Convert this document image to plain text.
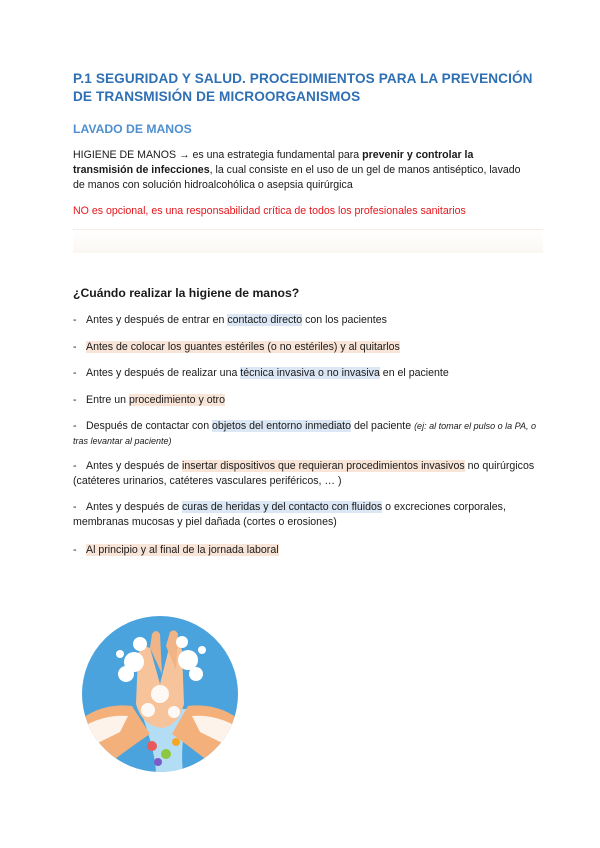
P.1 SEGURIDAD Y SALUD. PROCEDIMIENTOS PARA LA PREVENCIÓN DE TRANSMISIÓN DE MICROORGANISMOS
LAVADO DE MANOS
HIGIENE DE MANOS → es una estrategia fundamental para prevenir y controlar la transmisión de infecciones, la cual consiste en el uso de un gel de manos antiséptico, lavado de manos con solución hidroalcohólica o asepsia quirúrgica
NO es opcional, es una responsabilidad crítica de todos los profesionales sanitarios
¿Cuándo realizar la higiene de manos?
- Antes y después de entrar en contacto directo con los pacientes
- Antes de colocar los guantes estériles (o no estériles) y al quitarlos
- Antes y después de realizar una técnica invasiva o no invasiva en el paciente
- Entre un procedimiento y otro
- Después de contactar con objetos del entorno inmediato del paciente (ej: al tomar el pulso o la PA, o tras levantar al paciente)
- Antes y después de insertar dispositivos que requieran procedimientos invasivos no quirúrgicos (catéteres urinarios, catéteres vasculares periféricos, … )
- Antes y después de curas de heridas y del contacto con fluidos o excreciones corporales, membranas mucosas y piel dañada (cortes o erosiones)
- Al principio y al final de la jornada laboral
